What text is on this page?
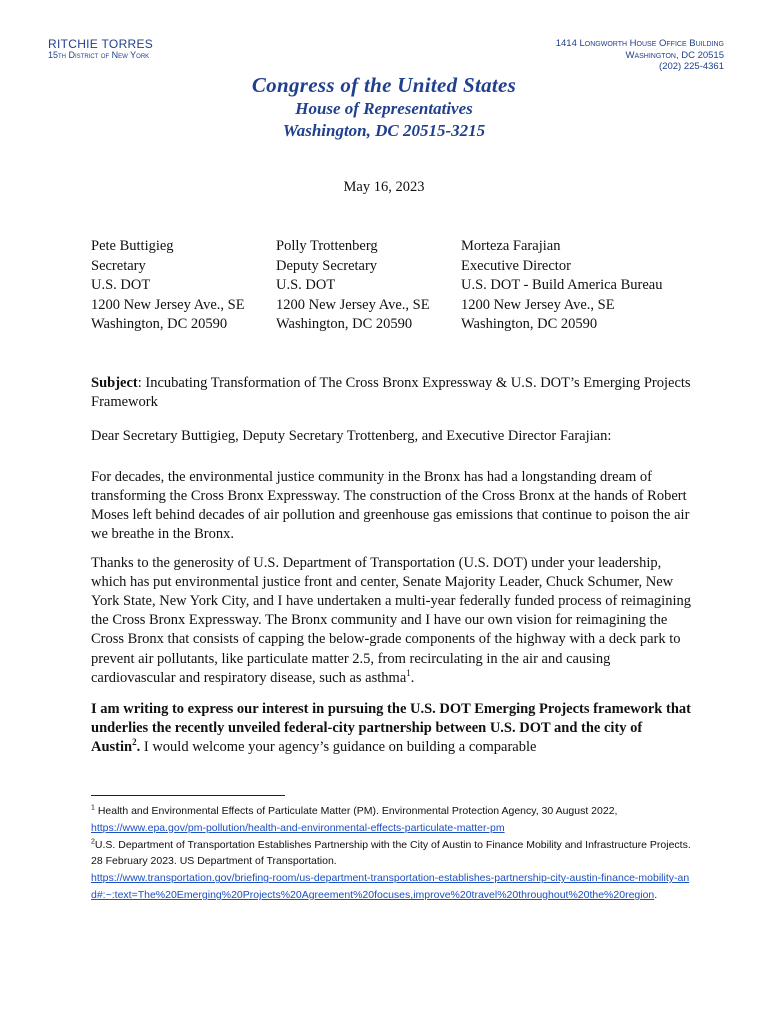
RITCHIE TORRES
15th District of New York
1414 Longworth House Office Building
Washington, DC 20515
(202) 225-4361
Congress of the United States
House of Representatives
Washington, DC 20515-3215
May 16, 2023
Pete Buttigieg
Secretary
U.S. DOT
1200 New Jersey Ave., SE
Washington, DC 20590
Polly Trottenberg
Deputy Secretary
U.S. DOT
1200 New Jersey Ave., SE
Washington, DC 20590
Morteza Farajian
Executive Director
U.S. DOT - Build America Bureau
1200 New Jersey Ave., SE
Washington, DC 20590
Subject: Incubating Transformation of The Cross Bronx Expressway & U.S. DOT’s Emerging Projects Framework
Dear Secretary Buttigieg, Deputy Secretary Trottenberg, and Executive Director Farajian:

For decades, the environmental justice community in the Bronx has had a longstanding dream of transforming the Cross Bronx Expressway. The construction of the Cross Bronx at the hands of Robert Moses left behind decades of air pollution and greenhouse gas emissions that continue to poison the air we breathe in the Bronx.

Thanks to the generosity of U.S. Department of Transportation (U.S. DOT) under your leadership, which has put environmental justice front and center, Senate Majority Leader, Chuck Schumer, New York State, New York City, and I have undertaken a multi-year federally funded process of reimagining the Cross Bronx Expressway. The Bronx community and I have our own vision for reimagining the Cross Bronx that consists of capping the below-grade components of the highway with a deck park to prevent air pollutants, like particulate matter 2.5, from recirculating in the air and causing cardiovascular and respiratory disease, such as asthma$^1$.

I am writing to express our interest in pursuing the U.S. DOT Emerging Projects framework that underlies the recently unveiled federal-city partnership between U.S. DOT and the city of Austin$^2$. I would welcome your agency’s guidance on building a comparable

$^1$ Health and Environmental Effects of Particulate Matter (PM). Environmental Protection Agency, 30 August 2022,
https://www.epa.gov/pm-pollution/health-and-environmental-effects-particulate-matter-pm
$^2$U.S. Department of Transportation Establishes Partnership with the City of Austin to Finance Mobility and Infrastructure Projects. 28 February 2023. US Department of Transportation.
https://www.transportation.gov/briefing-room/us-department-transportation-establishes-partnership-city-austin-finance-mobility-and#:~:text=The%20Emerging%20Projects%20Agreement%20focuses,improve%20travel%20throughout%20the%20region.
